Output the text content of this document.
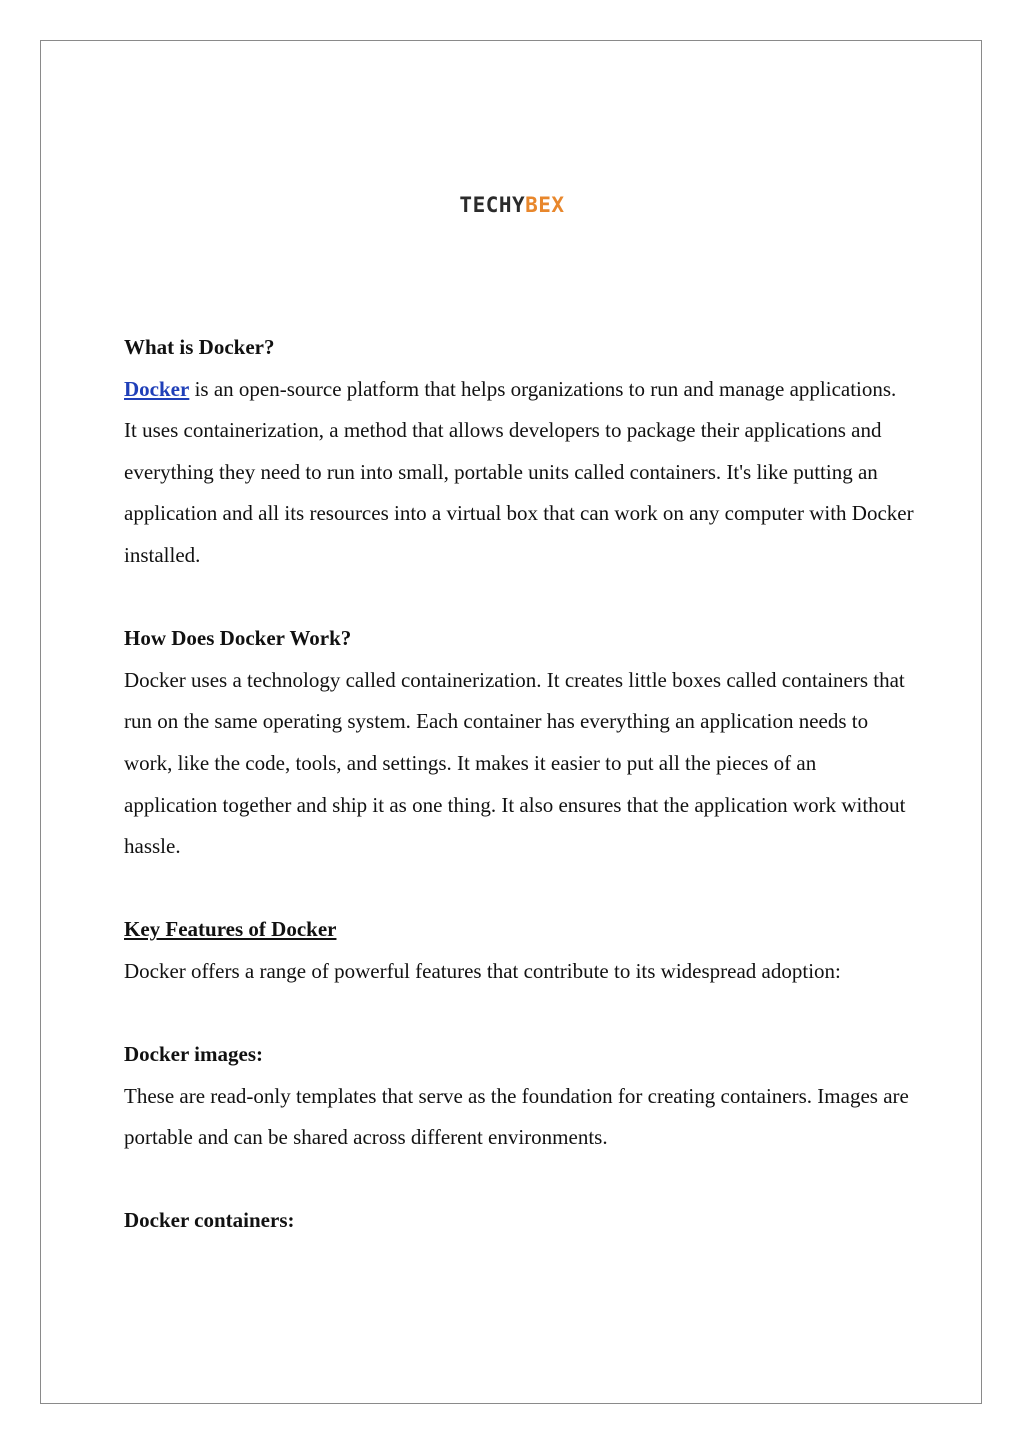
TECHYBEX

What is Docker?

Docker is an open-source platform that helps organizations to run and manage applications. It uses containerization, a method that allows developers to package their applications and everything they need to run into small, portable units called containers. It's like putting an application and all its resources into a virtual box that can work on any computer with Docker installed.

How Does Docker Work?

Docker uses a technology called containerization. It creates little boxes called containers that run on the same operating system. Each container has everything an application needs to work, like the code, tools, and settings. It makes it easier to put all the pieces of an application together and ship it as one thing. It also ensures that the application work without hassle.

Key Features of Docker

Docker offers a range of powerful features that contribute to its widespread adoption:

Docker images:

These are read-only templates that serve as the foundation for creating containers. Images are portable and can be shared across different environments.

Docker containers:
